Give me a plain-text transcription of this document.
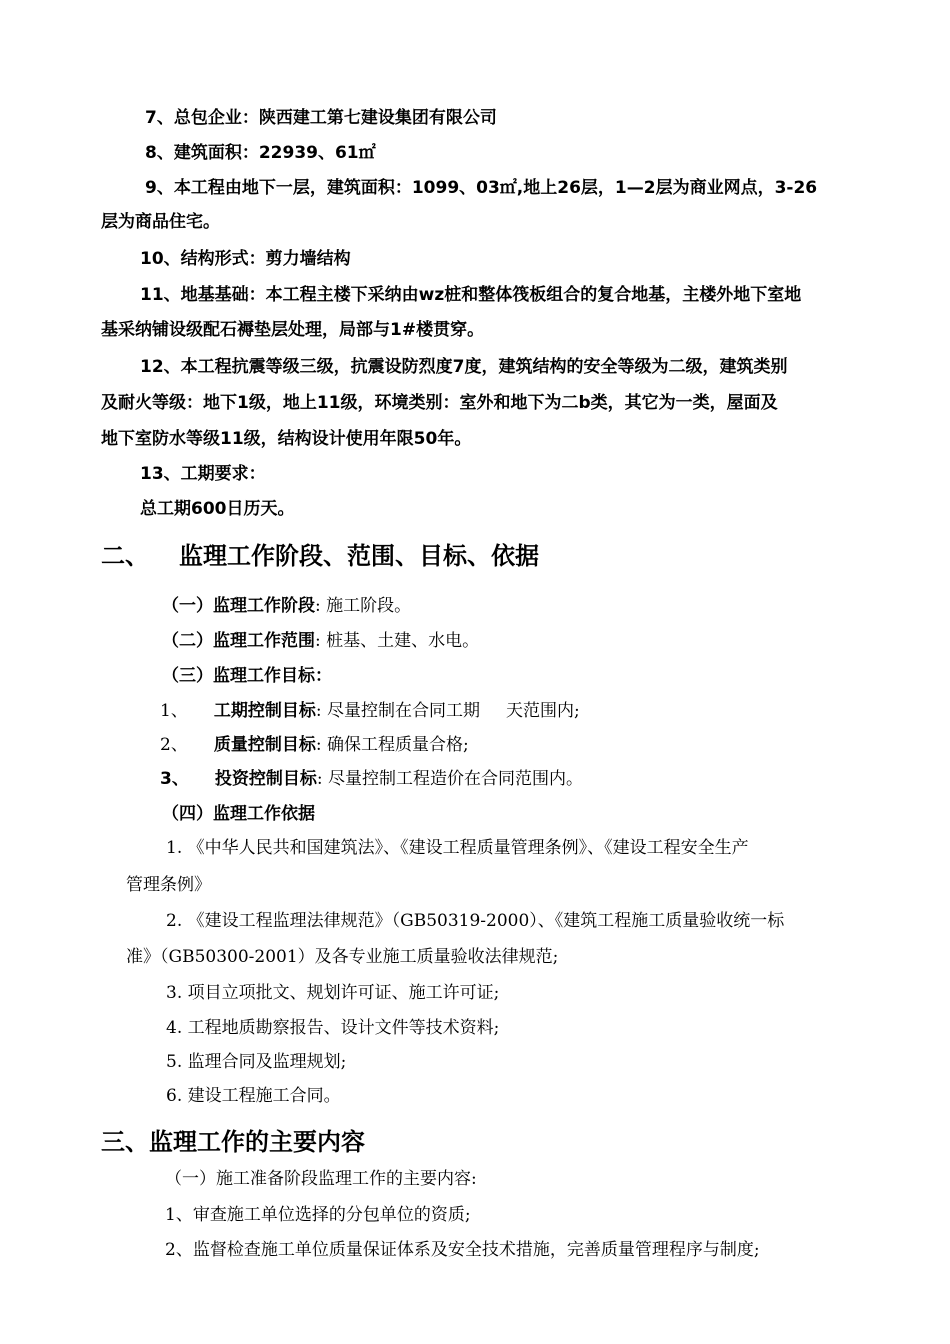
7、总包企业：陕西建工第七建设集团有限公司
8、建筑面积：22939、61㎡
9、本工程由地下一层，建筑面积：1099、03㎡,地上26层，1—2层为商业网点，3-26
层为商品住宅。
10、结构形式：剪力墙结构
11、地基基础：本工程主楼下采纳由wz桩和整体筏板组合的复合地基，主楼外地下室地
基采纳铺设级配石褥垫层处理，局部与1#楼贯穿。
12、本工程抗震等级三级，抗震设防烈度7度，建筑结构的安全等级为二级，建筑类别
及耐火等级：地下1级，地上11级，环境类别：室外和地下为二b类，其它为一类，屋面及
地下室防水等级11级，结构设计使用年限50年。
13、工期要求：
总工期600日历天。
二、 监理工作阶段、范围、目标、依据
（一）监理工作阶段: 施工阶段。
（二）监理工作范围: 桩基、土建、水电。
（三）监理工作目标：
1、 工期控制目标: 尽量控制在合同工期 天范围内;
2、 质量控制目标: 确保工程质量合格;
3、 投资控制目标: 尽量控制工程造价在合同范围内。
（四）监理工作依据
1. 《中华人民共和国建筑法》、《建设工程质量管理条例》、《建设工程安全生产
管理条例》
2. 《建设工程监理法律规范》（GB50319-2000）、《建筑工程施工质量验收统一标
准》（GB50300-2001）及各专业施工质量验收法律规范;
3. 项目立项批文、规划许可证、施工许可证;
4. 工程地质勘察报告、设计文件等技术资料;
5. 监理合同及监理规划;
6. 建设工程施工合同。
三、监理工作的主要内容
（一）施工准备阶段监理工作的主要内容:
1、审查施工单位选择的分包单位的资质;
2、监督检查施工单位质量保证体系及安全技术措施，完善质量管理程序与制度;
